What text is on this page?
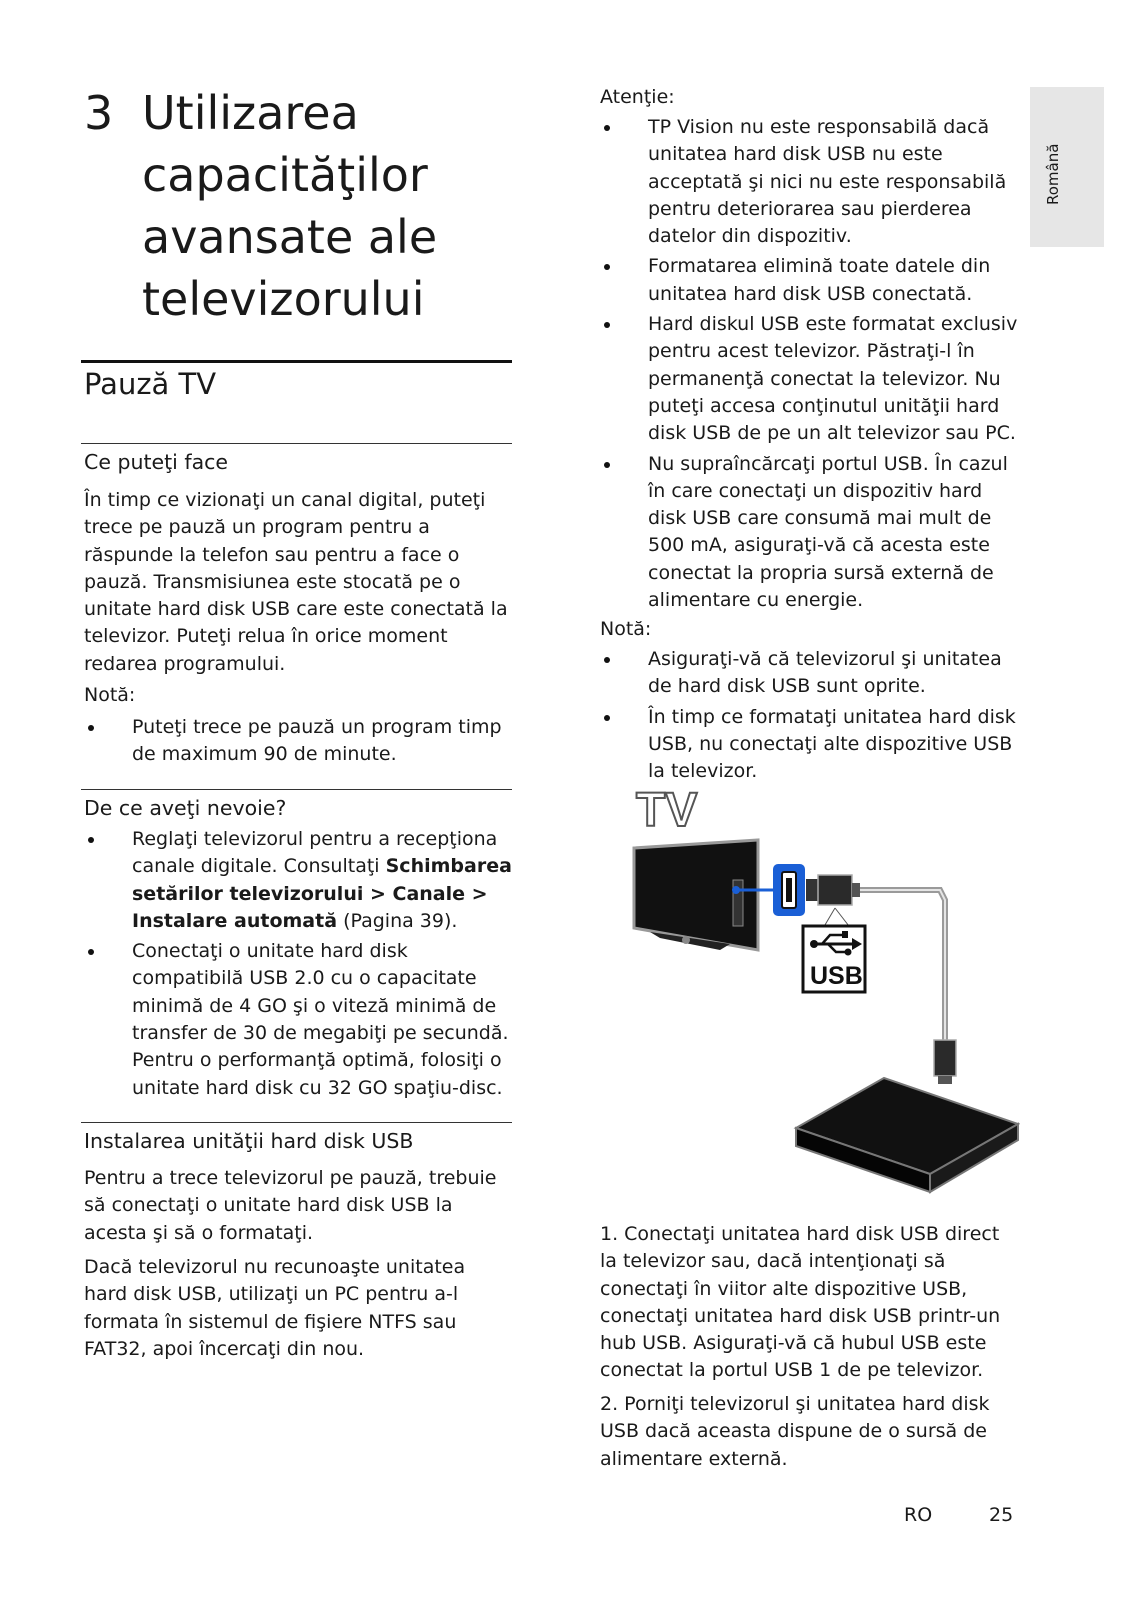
3 Utilizarea
capacităţilor
avansate ale
televizorului
Pauză TV
Ce puteţi face
În timp ce vizionaţi un canal digital, puteţi trece pe pauză un program pentru a răspunde la telefon sau pentru a face o pauză. Transmisiunea este stocată pe o unitate hard disk USB care este conectată la televizor. Puteţi relua în orice moment redarea programului.
Notă:
Puteţi trece pe pauză un program timp de maximum 90 de minute.
De ce aveţi nevoie?
Reglaţi televizorul pentru a recepţiona canale digitale. Consultaţi Schimbarea setărilor televizorului > Canale > Instalare automată (Pagina 39).
Conectaţi o unitate hard disk compatibilă USB 2.0 cu o capacitate minimă de 4 GO şi o viteză minimă de transfer de 30 de megabiţi pe secundă. Pentru o performanţă optimă, folosiţi o unitate hard disk cu 32 GO spaţiu-disc.
Instalarea unităţii hard disk USB
Pentru a trece televizorul pe pauză, trebuie să conectaţi o unitate hard disk USB la acesta şi să o formataţi.
Dacă televizorul nu recunoaşte unitatea hard disk USB, utilizaţi un PC pentru a-l formata în sistemul de fişiere NTFS sau FAT32, apoi încercaţi din nou.
Atenţie:
TP Vision nu este responsabilă dacă unitatea hard disk USB nu este acceptată şi nici nu este responsabilă pentru deteriorarea sau pierderea datelor din dispozitiv.
Formatarea elimină toate datele din unitatea hard disk USB conectată.
Hard diskul USB este formatat exclusiv pentru acest televizor. Păstraţi-l în permanenţă conectat la televizor. Nu puteţi accesa conţinutul unităţii hard disk USB de pe un alt televizor sau PC.
Nu supraîncărcaţi portul USB. În cazul în care conectaţi un dispozitiv hard disk USB care consumă mai mult de 500 mA, asiguraţi-vă că acesta este conectat la propria sursă externă de alimentare cu energie.
Notă:
Asiguraţi-vă că televizorul şi unitatea de hard disk USB sunt oprite.
În timp ce formataţi unitatea hard disk USB, nu conectaţi alte dispozitive USB la televizor.
TV
USB
1. Conectaţi unitatea hard disk USB direct la televizor sau, dacă intenţionaţi să conectaţi în viitor alte dispozitive USB, conectaţi unitatea hard disk USB printr-un hub USB. Asiguraţi-vă că hubul USB este conectat la portul USB 1 de pe televizor.
2. Porniţi televizorul şi unitatea hard disk USB dacă aceasta dispune de o sursă de alimentare externă.
Română
RO	25
